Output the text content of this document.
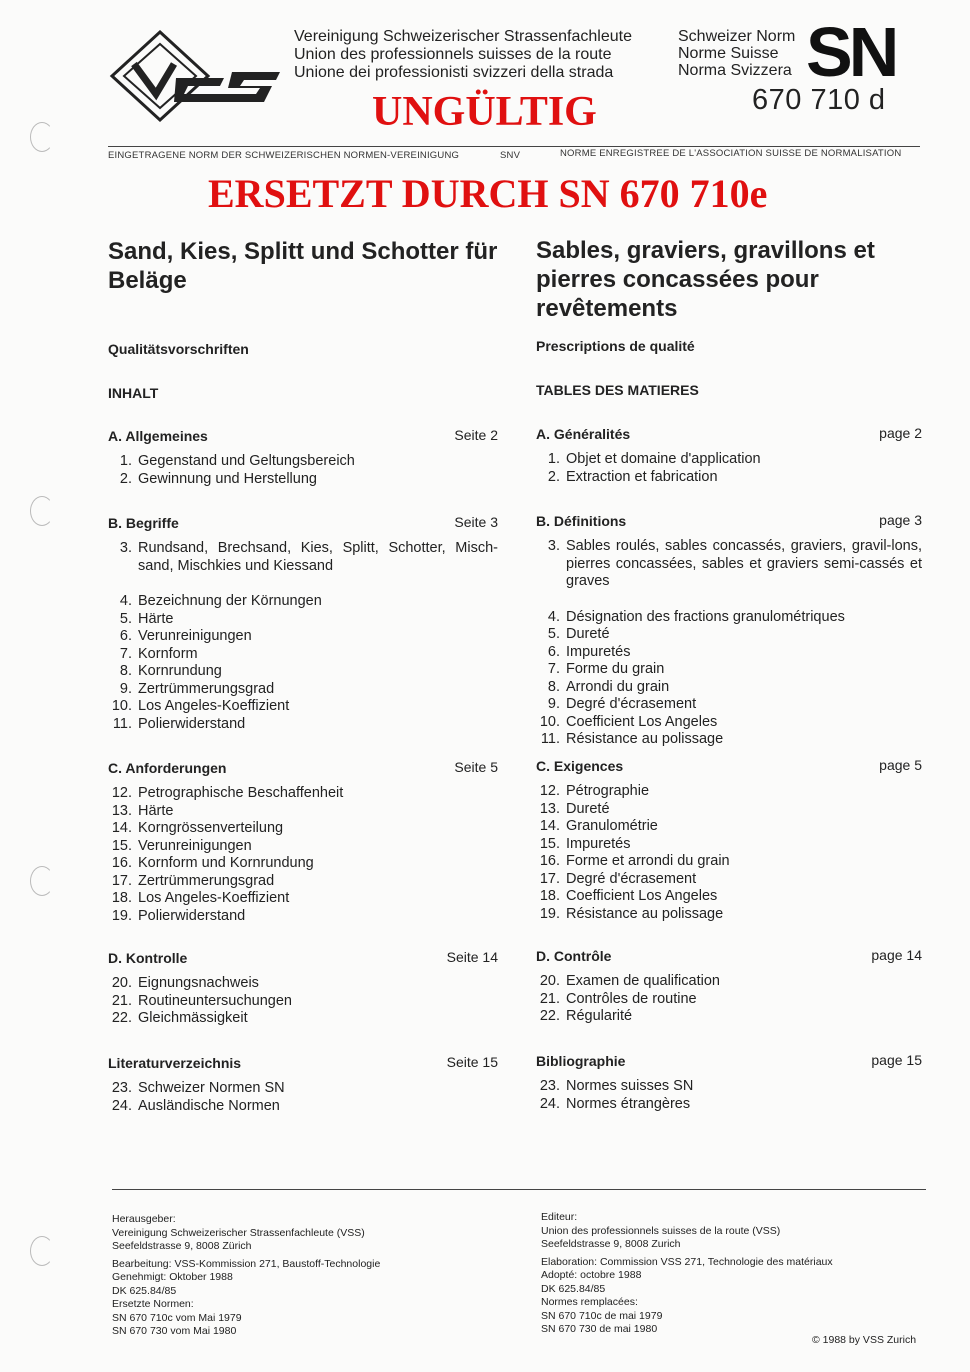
Vereinigung Schweizerischer Strassenfachleute
Union des professionnels suisses de la route
Unione dei professionisti svizzeri della strada
Schweizer Norm
Norme Suisse
Norma Svizzera SN
670 710 d
UNGÜLTIG
EINGETRAGENE NORM DER SCHWEIZERISCHEN NORMEN-VEREINIGUNG	SNV	NORME ENREGISTREE DE L'ASSOCIATION SUISSE DE NORMALISATION
ERSETZT DURCH SN 670 710e
Sand, Kies, Splitt und Schotter für Beläge
Qualitätsvorschriften
INHALT
Sables, graviers, gravillons et pierres concassées pour revêtements
Prescriptions de qualité
TABLES DES MATIERES
A. Allgemeines	Seite 2
1. Gegenstand und Geltungsbereich
2. Gewinnung und Herstellung
B. Begriffe	Seite 3
3. Rundsand, Brechsand, Kies, Splitt, Schotter, Misch-sand, Mischkies und Kiessand
4. Bezeichnung der Körnungen
5. Härte
6. Verunreinigungen
7. Kornform
8. Kornrundung
9. Zertrümmerungsgrad
10. Los Angeles-Koeffizient
11. Polierwiderstand
C. Anforderungen	Seite 5
12. Petrographische Beschaffenheit
13. Härte
14. Korngrössenverteilung
15. Verunreinigungen
16. Kornform und Kornrundung
17. Zertrümmerungsgrad
18. Los Angeles-Koeffizient
19. Polierwiderstand
D. Kontrolle	Seite 14
20. Eignungsnachweis
21. Routineuntersuchungen
22. Gleichmässigkeit
Literaturverzeichnis	Seite 15
23. Schweizer Normen SN
24. Ausländische Normen
A. Généralités	page 2
1. Objet et domaine d'application
2. Extraction et fabrication
B. Définitions	page 3
3. Sables roulés, sables concassés, graviers, gravil-lons, pierres concassées, sables et graviers semi-cassés et graves
4. Désignation des fractions granulométriques
5. Dureté
6. Impuretés
7. Forme du grain
8. Arrondi du grain
9. Degré d'écrasement
10. Coefficient Los Angeles
11. Résistance au polissage
C. Exigences	page 5
12. Pétrographie
13. Dureté
14. Granulométrie
15. Impuretés
16. Forme et arrondi du grain
17. Degré d'écrasement
18. Coefficient Los Angeles
19. Résistance au polissage
D. Contrôle	page 14
20. Examen de qualification
21. Contrôles de routine
22. Régularité
Bibliographie	page 15
23. Normes suisses SN
24. Normes étrangères
Herausgeber:
Vereinigung Schweizerischer Strassenfachleute (VSS)
Seefeldstrasse 9, 8008 Zürich
Bearbeitung: VSS-Kommission 271, Baustoff-Technologie
Genehmigt: Oktober 1988
DK 625.84/85
Ersetzte Normen:
SN 670 710c vom Mai 1979
SN 670 730 vom Mai 1980
Editeur:
Union des professionnels suisses de la route (VSS)
Seefeldstrasse 9, 8008 Zurich
Elaboration: Commission VSS 271, Technologie des matériaux
Adopté: octobre 1988
DK 625.84/85
Normes remplacées:
SN 670 710c de mai 1979
SN 670 730 de mai 1980
© 1988 by VSS Zurich
